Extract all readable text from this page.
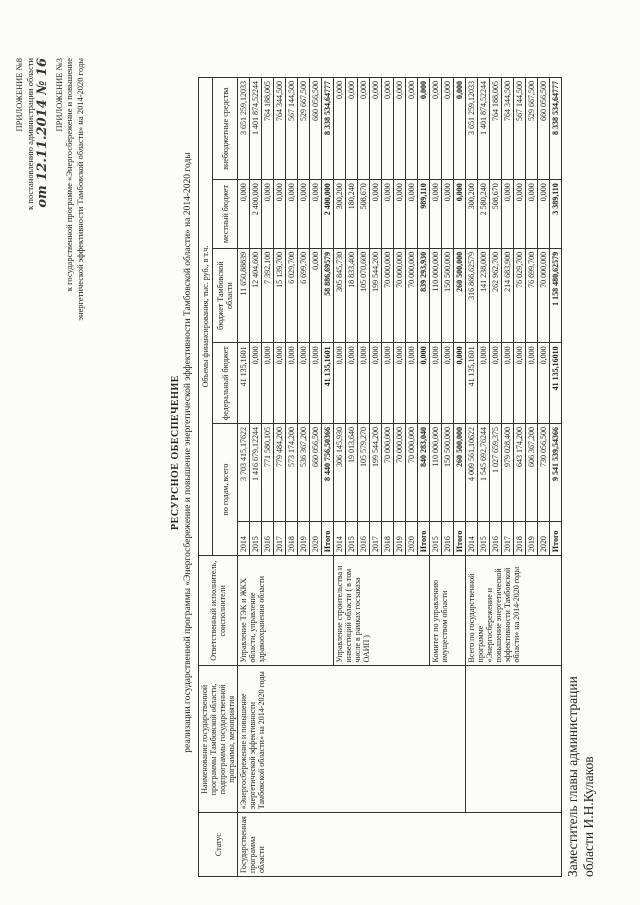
ПРИЛОЖЕНИЕ №8 к постановлению администрации области от 12.11.2014 № 16 ПРИЛОЖЕНИЕ №3 к государственной программе «Энергосбережение и повышение энергетической эффективности Тамбовской области» на 2014-2020 годы
РЕСУРСНОЕ ОБЕСПЕЧЕНИЕ реализации государственной программы «Энергосбережение и повышение энергетической эффективности Тамбовской области» на 2014-2020 годы
Статус	Наименование государственной программы Тамбовской области, подпрограммы государственной программы, мероприятия	Ответственный исполнитель, соисполнители	Объемы финансирования, тыс. руб., в т.ч.					
			по годам, всего		федеральный бюджет	бюджет Тамбовской области	местный бюджет	внебюджетные средства
Государственная программа области	«Энергосбережение и повышение энергетической эффективности Тамбовской области» на 2014-2020 годы	Управление ТЭК и ЖКХ области, управление здравоохранения области	2014	3 703 415,17622	41 135,1601	11 650,88839	0,000	3 651 259,12033
			2015	1 416 679,12244	0,000	12 404,600	2 400,000	1 401 874,52244
			2016	771 580,105	0,000	7 392,100	0,000	764 188,005
			2017	779 484,200	0,000	15 139,700	0,000	764 344,500
			2018	573 174,200	0,000	6 029,700	0,000	567 144,500
			2019	536 367,200	0,000	6 699,700	0,000	529 667,500
			2020	660 056,500	0,000	0,000	0,000	660 056,500
			Итого	8 440 756,50366	41 135,1601	58 886,69579	2 400,000	8 338 534,64777
		Управление строительства и инвестиций области ( в том числе в рамках госзаказа ОАИП )	2014	306 145,930	0,000	305 845,730	300,200	0,000
			2015	19 013,640	0,000	18 833,400	180,240	0,000
			2016	105 579,270	0,000	105 070,600	508,670	0,000
			2017	199 544,200	0,000	199 544,200	0,000	0,000
			2018	70 000,000	0,000	70 000,000	0,000	0,000
			2019	70 000,000	0,000	70 000,000	0,000	0,000
			2020	70 000,000	0,000	70 000,000	0,000	0,000
			Итого	840 283,040	0,000	839 293,930	989,110	0,000
		Комитет по управлению имуществом области	2015	110 000,000	0,000	110 000,000	0,000	0,000
			2016	150 500,000	0,000	150 500,000	0,000	0,000
			Итого	260 500,000	0,000	260 500,000	0,000	0,000
		Всего по государственной программе «Энергосбережение и повышение энергетической эффективности Тамбовской области» на 2014-2020 годы	2014	4 009 561,10622	41 135,1601	316 866,62579	300,200	3 651 259,12033
			2015	1 545 692,76244	0,000	141 238,000	2 580,240	1 401 874,52244
			2016	1 027 659,375	0,000	262 962,700	508,670	764 188,005
			2017	979 028,400	0,000	214 683,900	0,000	764 344,500
			2018	643 174,200	0,000	76 029,700	0,000	567 144,500
			2019	606 367,200	0,000	76 699,700	0,000	529 667,500
			2020	730 056,500	0,000	70 000,000	0,000	660 056,500
			Итого	9 541 539,54366	41 135,16010	1 158 480,62579	3 389,110	8 338 534,64777
Заместитель главы администрации области И.Н.Кулаков
